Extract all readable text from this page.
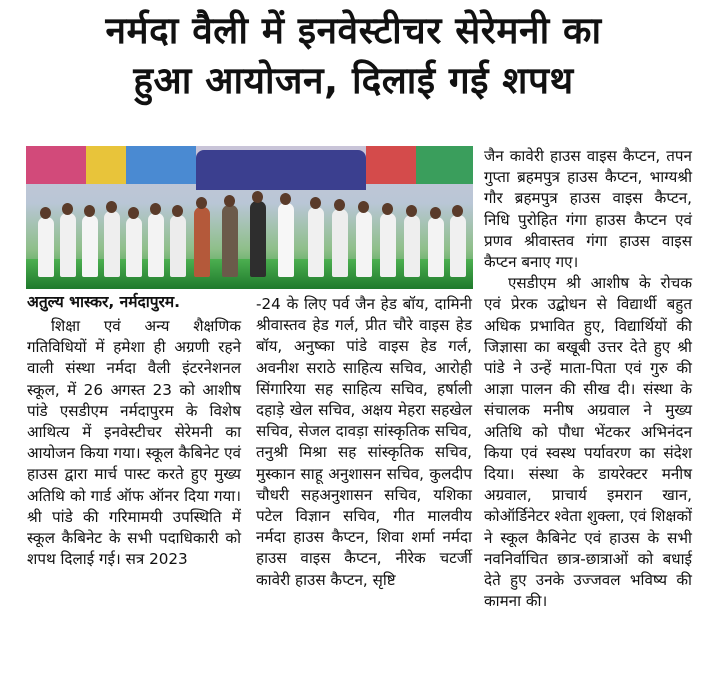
नर्मदा वैली में इनवेस्टीचर सेरेमनी का
हुआ आयोजन, दिलाई गई शपथ
अतुल्य भास्कर, नर्मदापुरम.

शिक्षा एवं अन्य शैक्षणिक गतिविधियों में हमेशा ही अग्रणी रहने वाली संस्था नर्मदा वैली इंटरनेशनल स्कूल, में 26 अगस्त 23 को आशीष पांडे एसडीएम नर्मदापुरम के विशेष आथित्य में इनवेस्टीचर सेरेमनी का आयोजन किया गया। स्कूल कैबिनेट एवं हाउस द्वारा मार्च पास्ट करते हुए मुख्य अतिथि को गार्ड ऑफ ऑनर दिया गया। श्री पांडे की गरिमामयी उपस्थिति में स्कूल कैबिनेट के सभी पदाधिकारी को शपथ दिलाई गई। सत्र 2023

-24 के लिए पर्व जैन हेड बॉय, दामिनी श्रीवास्तव हेड गर्ल, प्रीत चौरे वाइस हेड बॉय, अनुष्का पांडे वाइस हेड गर्ल, अवनीश सराठे साहित्य सचिव, आरोही सिंगारिया सह साहित्य सचिव, हर्षाली दहाड़े खेल सचिव, अक्षय मेहरा सहखेल सचिव, सेजल दावड़ा सांस्कृतिक सचिव, तनुश्री मिश्रा सह सांस्कृतिक सचिव, मुस्कान साहू अनुशासन सचिव, कुलदीप चौधरी सहअनुशासन सचिव, यशिका पटेल विज्ञान सचिव, गीत मालवीय नर्मदा हाउस कैप्टन, शिवा शर्मा नर्मदा हाउस वाइस कैप्टन, नीरेक चटर्जी कावेरी हाउस कैप्टन, सृष्टि

जैन कावेरी हाउस वाइस कैप्टन, तपन गुप्ता ब्रहमपुत्र हाउस कैप्टन, भाग्यश्री गौर ब्रहमपुत्र हाउस वाइस कैप्टन, निधि पुरोहित गंगा हाउस कैप्टन एवं प्रणव श्रीवास्तव गंगा हाउस वाइस कैप्टन बनाए गए।

एसडीएम श्री आशीष के रोचक एवं प्रेरक उद्बोधन से विद्यार्थी बहुत अधिक प्रभावित हुए, विद्यार्थियों की जिज्ञासा का बखूबी उत्तर देते हुए श्री पांडे ने उन्हें माता-पिता एवं गुरु की आज्ञा पालन की सीख दी। संस्था के संचालक मनीष अग्रवाल ने मुख्य अतिथि को पौधा भेंटकर अभिनंदन किया एवं स्वस्थ पर्यावरण का संदेश दिया। संस्था के डायरेक्टर मनीष अग्रवाल, प्राचार्य इमरान खान, कोऑर्डिनेटर श्वेता शुक्ला, एवं शिक्षकों ने स्कूल कैबिनेट एवं हाउस के सभी नवनिर्वाचित छात्र-छात्राओं को बधाई देते हुए उनके उज्जवल भविष्य की कामना की।
